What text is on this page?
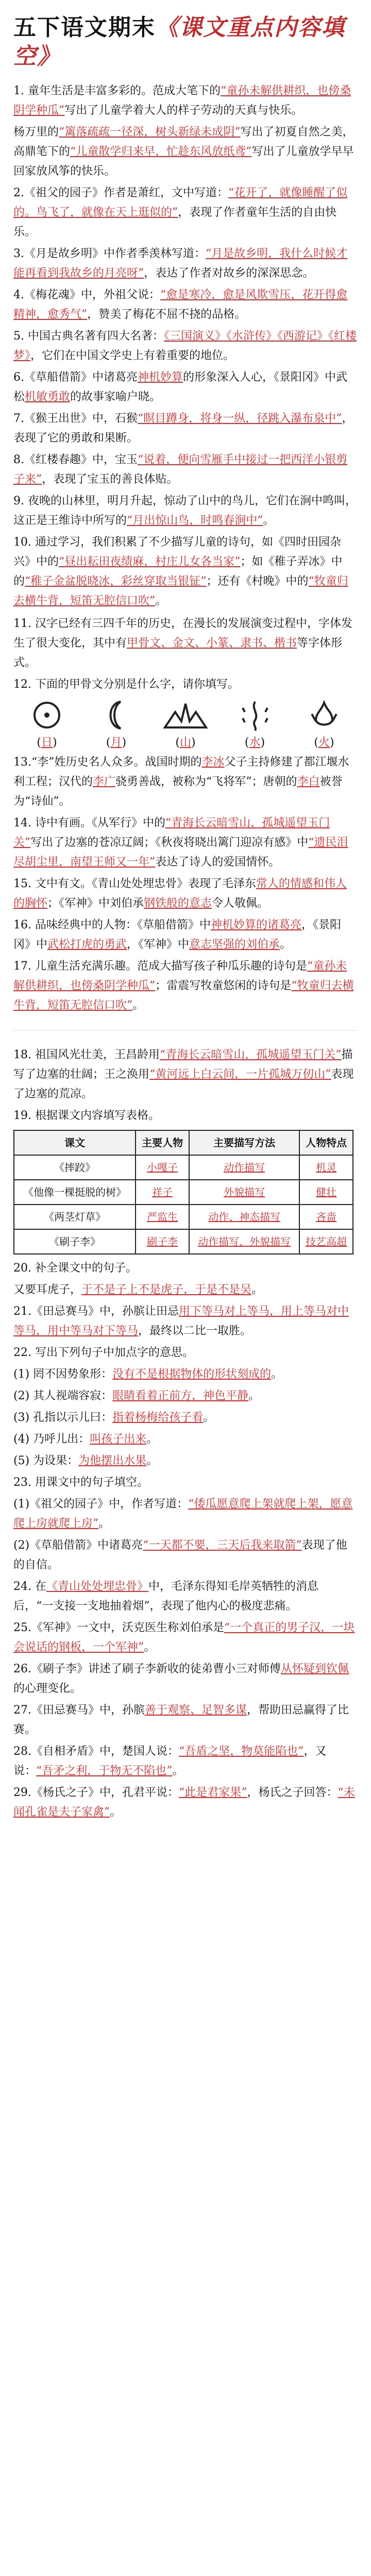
五下语文期末《课文重点内容填空》
1. 童年生活是丰富多彩的。范成大笔下的“童孙未解供耕织，也傍桑阴学种瓜”写出了儿童学着大人的样子劳动的天真与快乐。
杨万里的“篱落疏疏一径深，树头新绿未成阴”写出了初夏自然之美，高鼎笔下的“儿童散学归来早，忙趁东风放纸鸢”写出了儿童放学早早回家放风筝的快乐。
2.《祖父的园子》作者是萧红，文中写道：“花开了，就像睡醒了似的。鸟飞了，就像在天上逛似的”，表现了作者童年生活的自由快乐。
3.《月是故乡明》中作者季羡林写道：“月是故乡明，我什么时候才能再看到我故乡的月亮呀”，表达了作者对故乡的深深思念。
4.《梅花魂》中，外祖父说：“愈是寒冷，愈是风欺雪压，花开得愈精神，愈秀气”，赞美了梅花不屈不挠的品格。
5. 中国古典名著有四大名著：《三国演义》《水浒传》《西游记》《红楼梦》，它们在中国文学史上有着重要的地位。
6.《草船借箭》中诸葛亮神机妙算的形象深入人心，《景阳冈》中武松机敏勇敢的故事家喻户晓。
7.《猴王出世》中，石猴“瞑目蹲身，将身一纵，径跳入瀑布泉中”，表现了它的勇敢和果断。
8.《红楼春趣》中，宝玉“说着，便向雪雁手中接过一把西洋小银剪子来”，表现了宝玉的善良体贴。
9. 夜晚的山林里，明月升起，惊动了山中的鸟儿，它们在涧中鸣叫，这正是王维诗中所写的“月出惊山鸟，时鸣春涧中”。
10. 通过学习，我们积累了不少描写儿童的诗句，如《四时田园杂兴》中的“昼出耘田夜绩麻，村庄儿女各当家”；如《稚子弄冰》中的“稚子金盆脱晓冰，彩丝穿取当银钲”；还有《村晚》中的“牧童归去横牛背，短笛无腔信口吹”。
11. 汉字已经有三四千年的历史，在漫长的发展演变过程中，字体发生了很大变化，其中有甲骨文、金文、小篆、隶书、楷书等字体形式。
12. 下面的甲骨文分别是什么字，请你填写。
(日)	(月)	(山)	(水)	(火)
13.“李”姓历史名人众多。战国时期的李冰父子主持修建了都江堰水利工程；汉代的李广骁勇善战，被称为“飞将军”；唐朝的李白被誉为“诗仙”。
14. 诗中有画。《从军行》中的“青海长云暗雪山，孤城遥望玉门关”写出了边塞的苍凉辽阔；《秋夜将晓出篱门迎凉有感》中“遗民泪尽胡尘里，南望王师又一年”表达了诗人的爱国情怀。
15. 文中有文。《青山处处埋忠骨》表现了毛泽东常人的情感和伟人的胸怀；《军神》中刘伯承钢铁般的意志令人敬佩。
16. 品味经典中的人物：《草船借箭》中神机妙算的诸葛亮，《景阳冈》中武松打虎的勇武，《军神》中意志坚强的刘伯承。
17. 儿童生活充满乐趣。范成大描写孩子种瓜乐趣的诗句是“童孙未解供耕织，也傍桑阴学种瓜”；雷震写牧童悠闲的诗句是“牧童归去横牛背，短笛无腔信口吹”。
18. 祖国风光壮美，王昌龄用“青海长云暗雪山，孤城遥望玉门关”描写了边塞的壮阔；王之涣用“黄河远上白云间，一片孤城万仞山”表现了边塞的荒凉。
19. 根据课文内容填写表格。
课文	主要人物	主要描写方法	人物特点
《摔跤》	小嘎子	动作描写	机灵
《他像一棵挺脱的树》	祥子	外貌描写	健壮
《两茎灯草》	严监生	动作、神态描写	吝啬
《刷子李》	刷子李	动作描写、外貌描写	技艺高超
20. 补全课文中的句子。
又要耳虎子，于不是子上不是虎子，于是不是吴。
21.《田忌赛马》中，孙膑让田忌用下等马对上等马，用上等马对中等马，用中等马对下等马，最终以二比一取胜。
22. 写出下列句子中加点字的意思。
(1) 罔不因势象形：没有不是根据物体的形状刻成的。
(2) 其人视端容寂：眼睛看着正前方，神色平静。
(3) 孔指以示儿曰：指着杨梅给孩子看。
(4) 乃呼儿出：叫孩子出来。
(5) 为设果：为他摆出水果。
23. 用课文中的句子填空。
(1)《祖父的园子》中，作者写道：“倭瓜愿意爬上架就爬上架，愿意爬上房就爬上房”。
(2)《草船借箭》中诸葛亮“一天都不要，三天后我来取箭”表现了他的自信。
24. 在《青山处处埋忠骨》中，毛泽东得知毛岸英牺牲的消息后，“一支接一支地抽着烟”，表现了他内心的极度悲痛。
25.《军神》一文中，沃克医生称刘伯承是“一个真正的男子汉，一块会说话的钢板，一个军神”。
26.《刷子李》讲述了刷子李新收的徒弟曹小三对师傅从怀疑到钦佩的心理变化。
27.《田忌赛马》中，孙膑善于观察、足智多谋，帮助田忌赢得了比赛。
28.《自相矛盾》中，楚国人说：“吾盾之坚，物莫能陷也”，又说：“吾矛之利，于物无不陷也”。
29.《杨氏之子》中，孔君平说：“此是君家果”，杨氏之子回答：“未闻孔雀是夫子家禽”。
